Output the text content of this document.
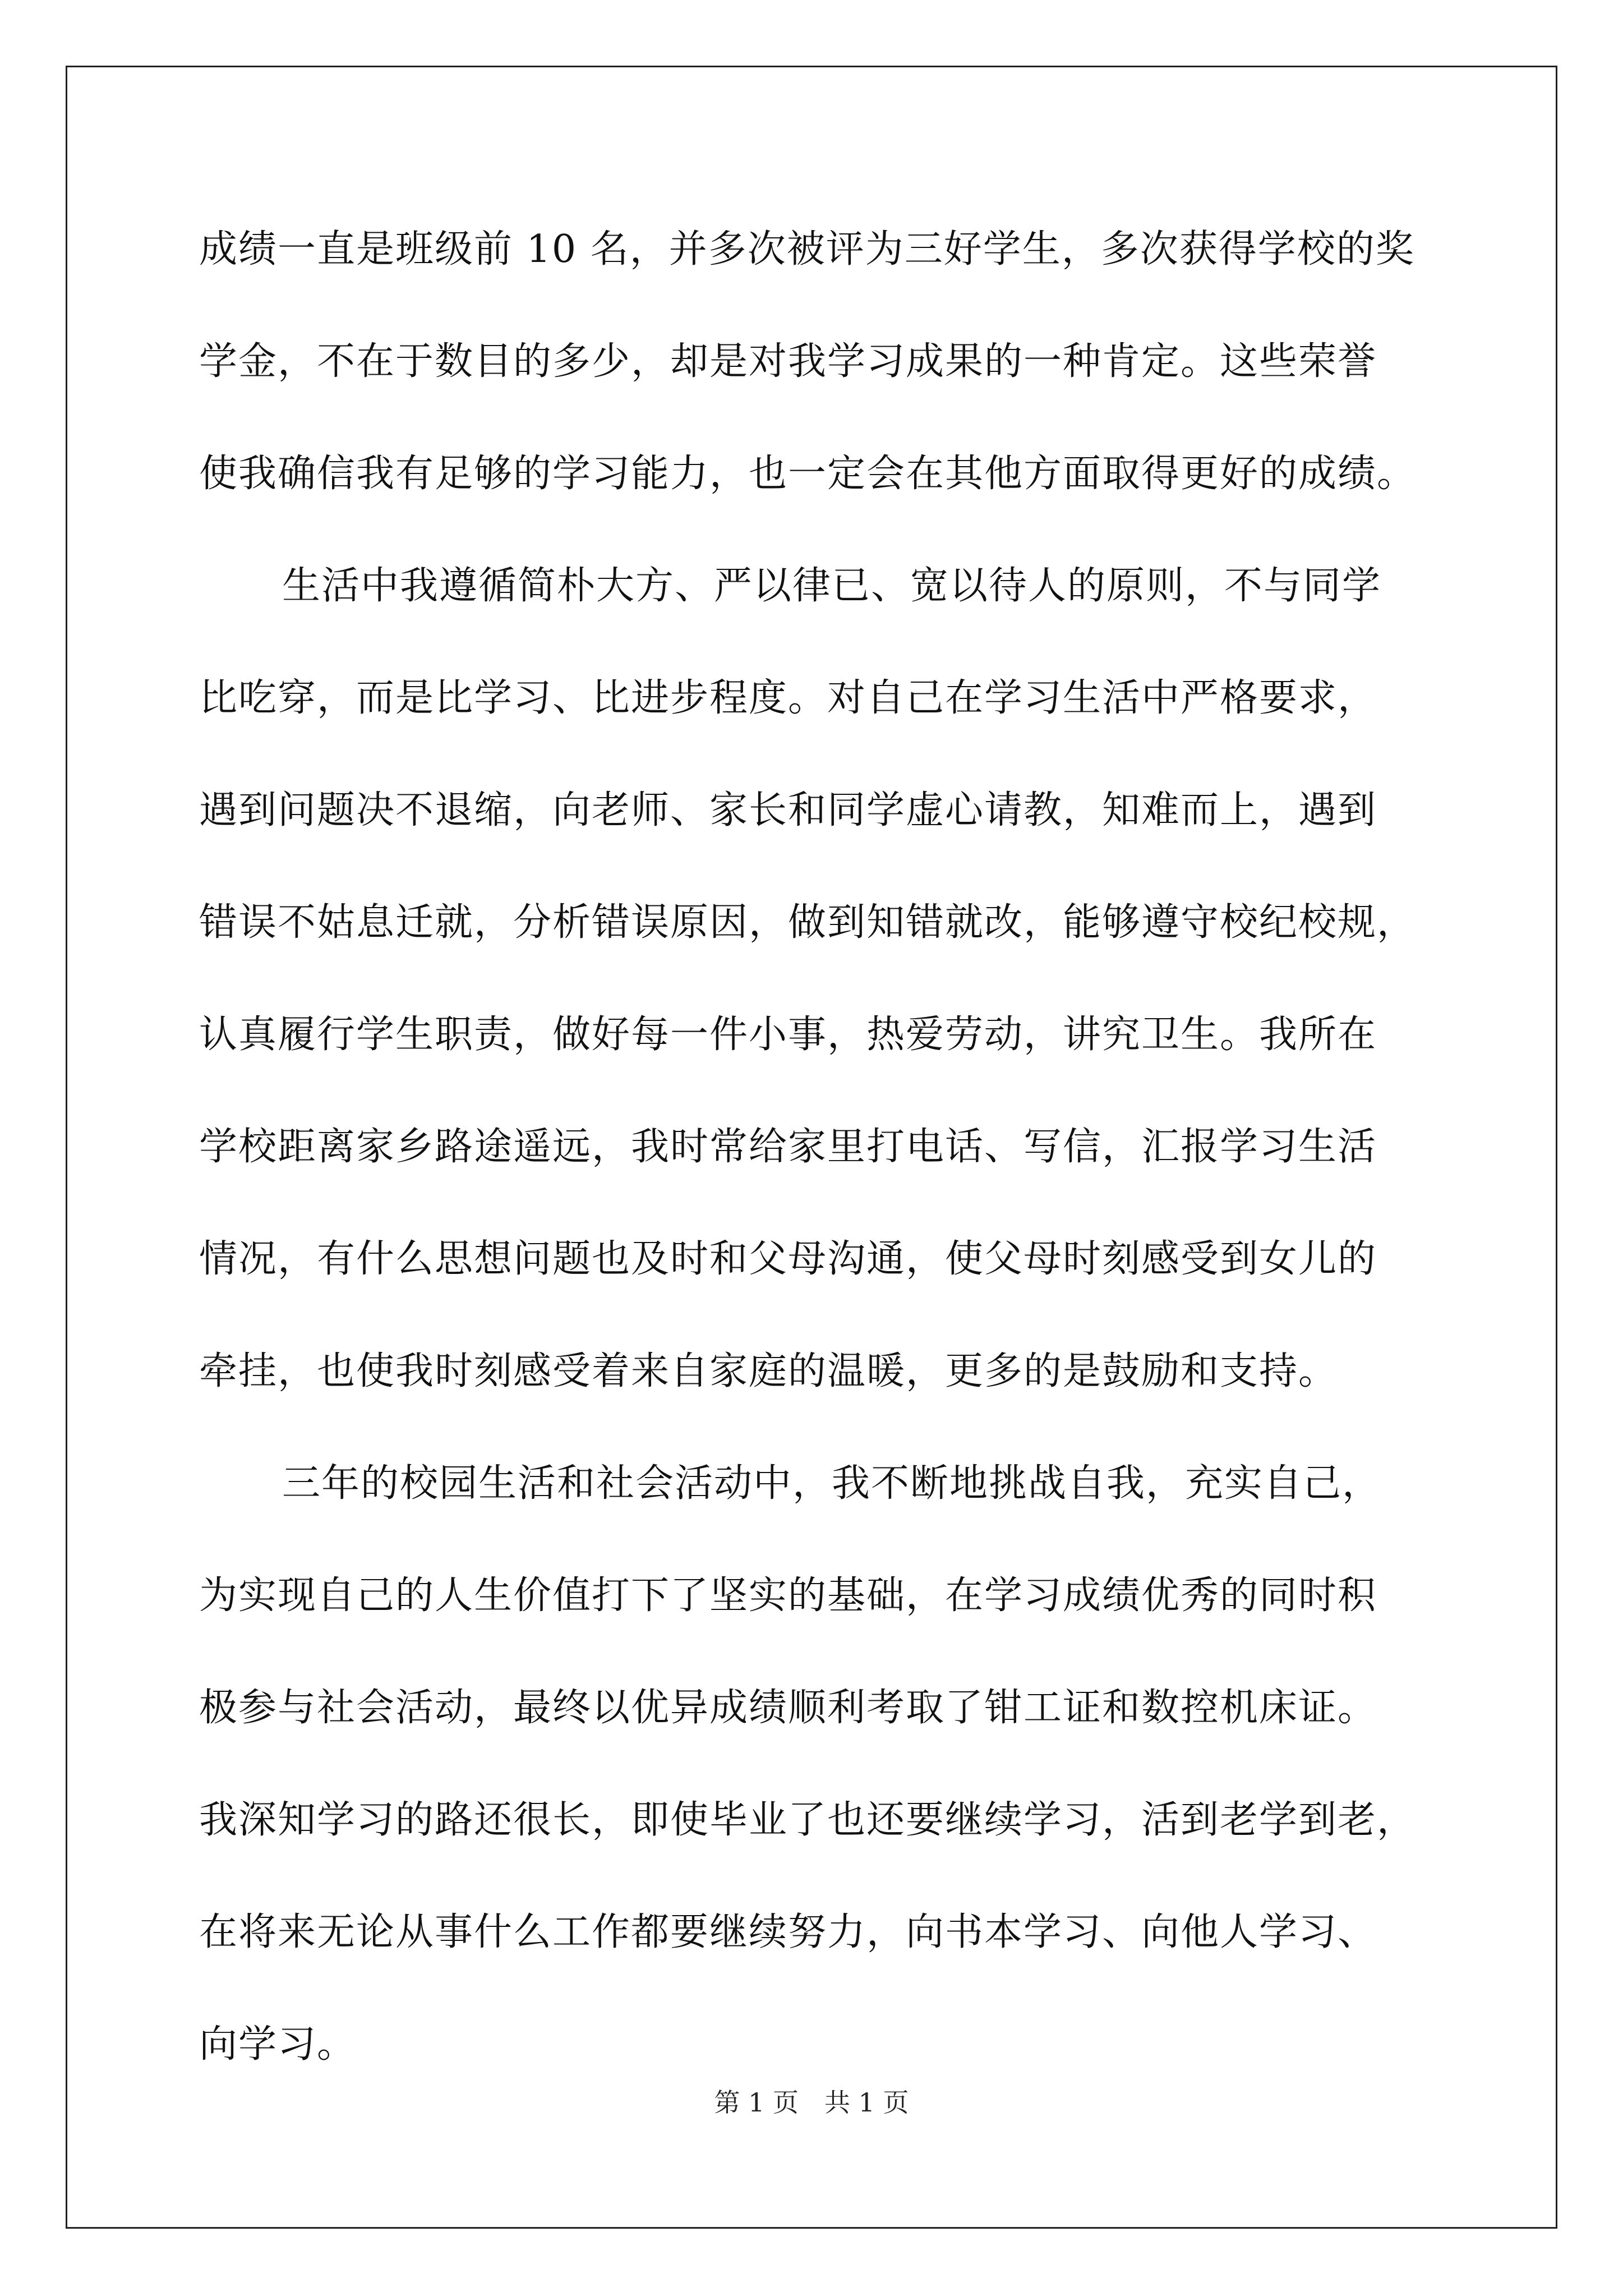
成绩一直是班级前 10 名，并多次被评为三好学生，多次获得学校的奖
学金，不在于数目的多少，却是对我学习成果的一种肯定。这些荣誉
使我确信我有足够的学习能力，也一定会在其他方面取得更好的成绩。
生活中我遵循简朴大方、严以律已、宽以待人的原则，不与同学
比吃穿，而是比学习、比进步程度。对自己在学习生活中严格要求，
遇到问题决不退缩，向老师、家长和同学虚心请教，知难而上，遇到
错误不姑息迁就，分析错误原因，做到知错就改，能够遵守校纪校规，
认真履行学生职责，做好每一件小事，热爱劳动，讲究卫生。我所在
学校距离家乡路途遥远，我时常给家里打电话、写信，汇报学习生活
情况，有什么思想问题也及时和父母沟通，使父母时刻感受到女儿的
牵挂，也使我时刻感受着来自家庭的温暖，更多的是鼓励和支持。
三年的校园生活和社会活动中，我不断地挑战自我，充实自己，
为实现自己的人生价值打下了坚实的基础，在学习成绩优秀的同时积
极参与社会活动，最终以优异成绩顺利考取了钳工证和数控机床证。
我深知学习的路还很长，即使毕业了也还要继续学习，活到老学到老，
在将来无论从事什么工作都要继续努力，向书本学习、向他人学习、
向学习。
第 1 页　共 1 页
